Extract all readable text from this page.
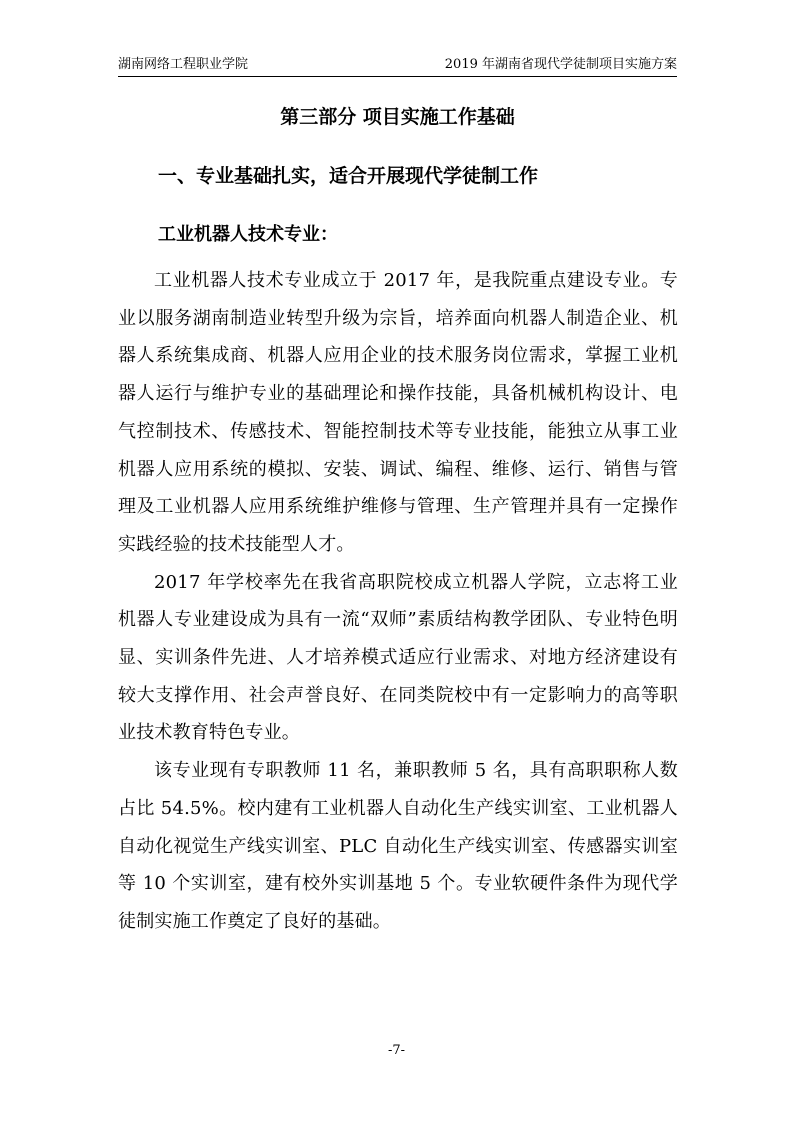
湖南网络工程职业学院	2019 年湖南省现代学徒制项目实施方案
第三部分 项目实施工作基础
一、专业基础扎实，适合开展现代学徒制工作
工业机器人技术专业：

工业机器人技术专业成立于 2017 年，是我院重点建设专业。专业以服务湖南制造业转型升级为宗旨，培养面向机器人制造企业、机器人系统集成商、机器人应用企业的技术服务岗位需求，掌握工业机器人运行与维护专业的基础理论和操作技能，具备机械机构设计、电气控制技术、传感技术、智能控制技术等专业技能，能独立从事工业机器人应用系统的模拟、安装、调试、编程、维修、运行、销售与管理及工业机器人应用系统维护维修与管理、生产管理并具有一定操作实践经验的技术技能型人才。

2017 年学校率先在我省高职院校成立机器人学院，立志将工业机器人专业建设成为具有一流“双师”素质结构教学团队、专业特色明显、实训条件先进、人才培养模式适应行业需求、对地方经济建设有较大支撑作用、社会声誉良好、在同类院校中有一定影响力的高等职业技术教育特色专业。

该专业现有专职教师 11 名，兼职教师 5 名，具有高职职称人数占比 54.5%。校内建有工业机器人自动化生产线实训室、工业机器人自动化视觉生产线实训室、PLC 自动化生产线实训室、传感器实训室等 10 个实训室，建有校外实训基地 5 个。专业软硬件条件为现代学徒制实施工作奠定了良好的基础。

-7-
